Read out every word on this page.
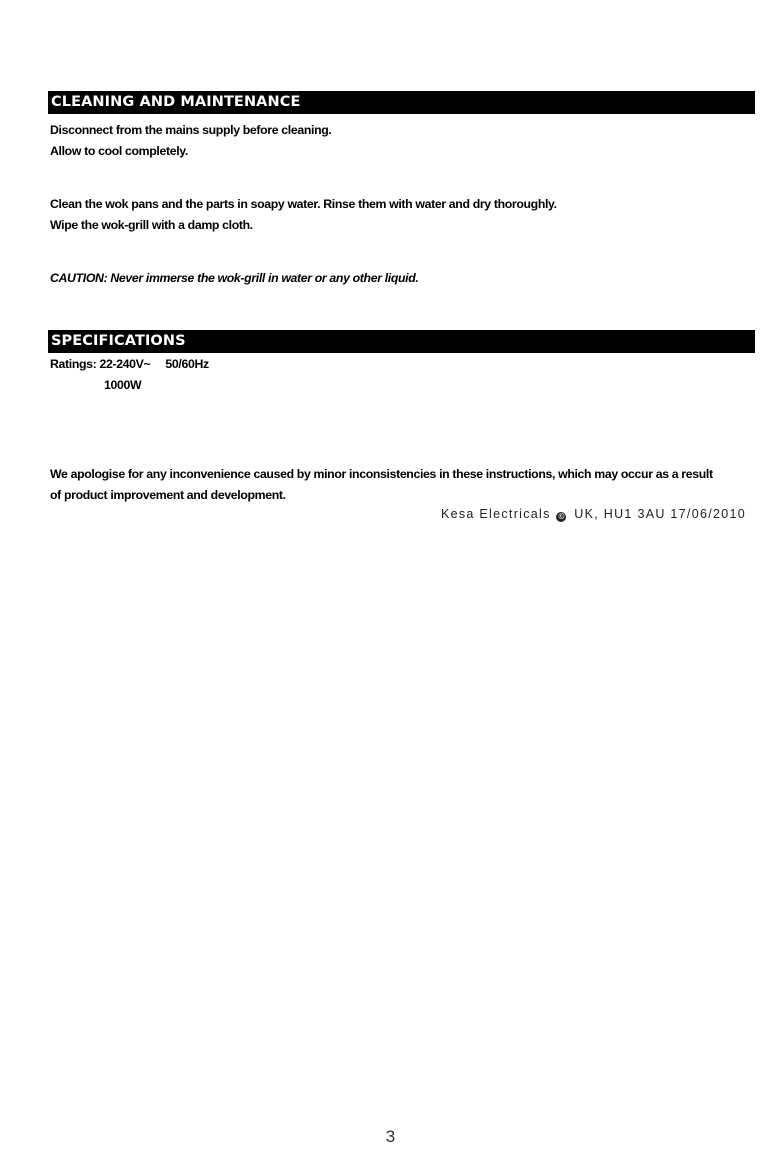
CLEANING AND MAINTENANCE
Disconnect from the mains supply before cleaning.
Allow to cool completely.
Clean the wok pans and the parts in soapy water. Rinse them with water and dry thoroughly.
Wipe the wok-grill with a damp cloth.
CAUTION: Never immerse the wok-grill in water or any other liquid.
SPECIFICATIONS
Ratings: 22-240V~ 50/60Hz
1000W
We apologise for any inconvenience caused by minor inconsistencies in these instructions, which may occur as a result
of product improvement and development.
Kesa Electricals © UK, HU1 3AU 17/06/2010
3
